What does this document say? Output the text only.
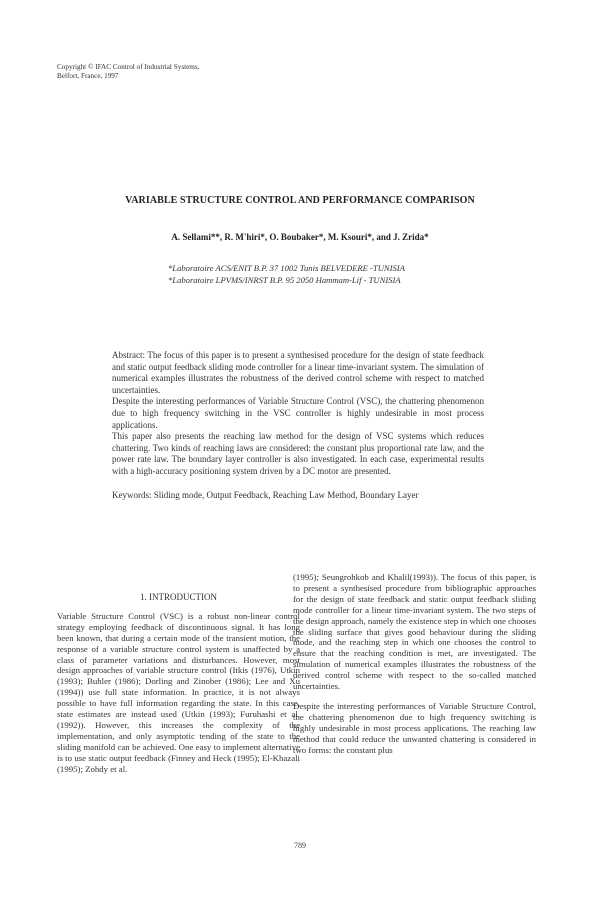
Copyright © IFAC Control of Industrial Systems,
Belfort, France, 1997
VARIABLE STRUCTURE CONTROL AND PERFORMANCE COMPARISON
A. Sellami**, R. M'hiri*, O. Boubaker*, M. Ksouri*, and J. Zrida*
*Laboratoire ACS/ENIT B.P. 37 1002 Tunis BELVEDERE -TUNISIA
*Laboratoire LPVMS/INRST B.P. 95 2050 Hammam-Lif - TUNISIA

Abstract: The focus of this paper is to present a synthesised procedure for the design of state feedback and static output feedback sliding mode controller for a linear time-invariant system. The simulation of numerical examples illustrates the robustness of the derived control scheme with respect to matched uncertainties.

Despite the interesting performances of Variable Structure Control (VSC), the chattering phenomenon due to high frequency switching in the VSC controller is highly undesirable in most process applications.

This paper also presents the reaching law method for the design of VSC systems which reduces chattering. Two kinds of reaching laws are considered: the constant plus proportional rate law, and the power rate law. The boundary layer controller is also investigated. In each case, experimental results with a high-accuracy positioning system driven by a DC motor are presented.

Keywords: Sliding mode, Output Feedback, Reaching Law Method, Boundary Layer
1. INTRODUCTION

Variable Structure Control (VSC) is a robust non-linear control strategy employing feedback of discontinuous signal. It has long been known, that during a certain mode of the transient motion, the response of a variable structure control system is unaffected by a class of parameter variations and disturbances. However, most design approaches of variable structure control (Itkis (1976), Utkin (1993); Buhler (1986); Dorling and Zinober (1986); Lee and Xu (1994)) use full state information. In practice, it is not always possible to have full information regarding the state. In this case, state estimates are instead used (Utkin (1993); Furuhashi et al. (1992)). However, this increases the complexity of the implementation, and only asymptotic tending of the state to the sliding manifold can be achieved. One easy to implement alternative is to use static output feedback (Finney and Heck (1995); El-Khazali (1995); Zohdy et al.

(1995); Seungrohkob and Khalil(1993)). The focus of this paper, is to present a synthesised procedure from bibliographic approaches for the design of state feedback and static output feedback sliding mode controller for a linear time-invariant system. The two steps of the design approach, namely the existence step in which one chooses the sliding surface that gives good behaviour during the sliding mode, and the reaching step in which one chooses the control to ensure that the reaching condition is met, are investigated. The simulation of numerical examples illustrates the robustness of the derived control scheme with respect to the so-called matched uncertainties.

Despite the interesting performances of Variable Structure Control, the chattering phenomenon due to high frequency switching is highly undesirable in most process applications. The reaching law method that could reduce the unwanted chattering is considered in two forms: the constant plus

789
